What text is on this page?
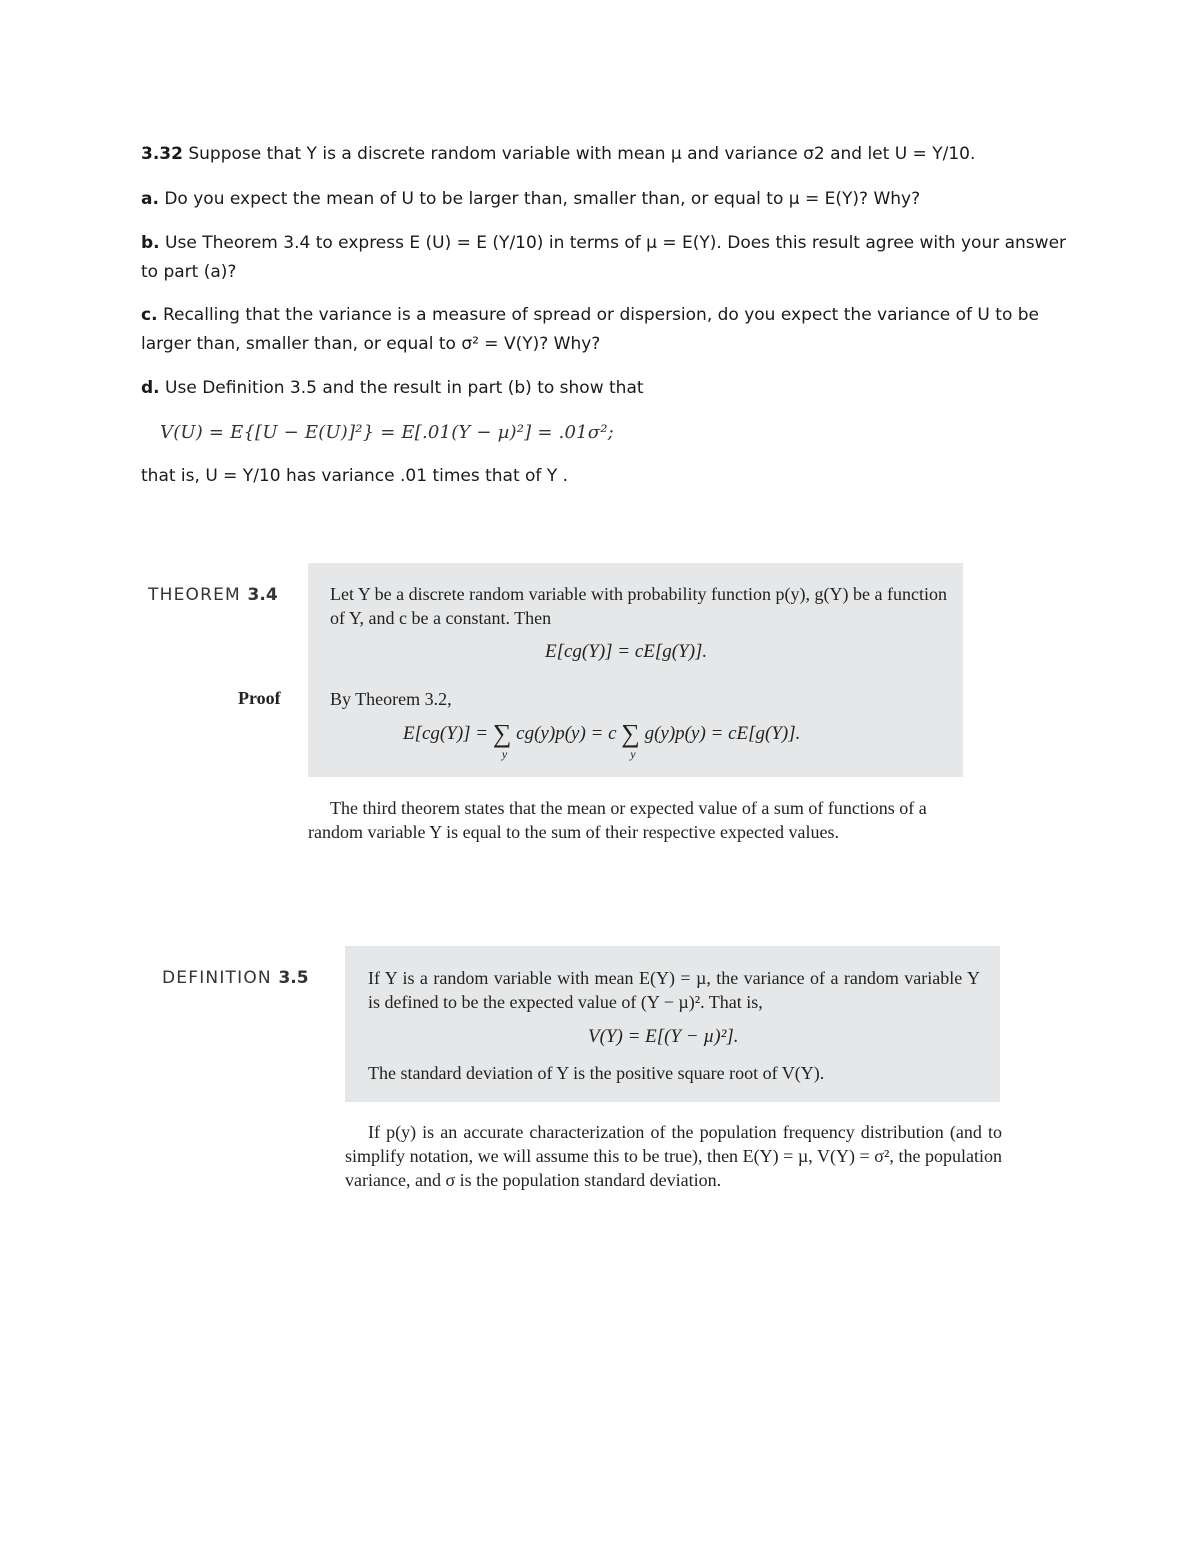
3.32 Suppose that Y is a discrete random variable with mean µ and variance σ2 and let U = Y/10.
a. Do you expect the mean of U to be larger than, smaller than, or equal to µ = E(Y)? Why?
b. Use Theorem 3.4 to express E (U) = E (Y/10) in terms of µ = E(Y). Does this result agree with your answer to part (a)?
c. Recalling that the variance is a measure of spread or dispersion, do you expect the variance of U to be larger than, smaller than, or equal to σ² = V(Y)? Why?
d. Use Definition 3.5 and the result in part (b) to show that
V(U) = E{[U − E(U)]²} = E[.01(Y − µ)²] = .01σ²;
that is, U = Y/10 has variance .01 times that of Y .
THEOREM 3.4	Let Y be a discrete random variable with probability function p(y), g(Y) be a function of Y, and c be a constant. Then
E[cg(Y)] = cE[g(Y)].
By Theorem 3.2,
E[cg(Y)] = ∑
y
cg(y)p(y) = c ∑
y
g(y)p(y) = cE[g(Y)].
Proof
The third theorem states that the mean or expected value of a sum of functions of a random variable Y is equal to the sum of their respective expected values.
DEFINITION 3.5	If Y is a random variable with mean E(Y) = µ, the variance of a random variable Y is defined to be the expected value of (Y − µ)². That is,
V(Y) = E[(Y − µ)²].
The standard deviation of Y is the positive square root of V(Y).
If p(y) is an accurate characterization of the population frequency distribution (and to simplify notation, we will assume this to be true), then E(Y) = µ, V(Y) = σ², the population variance, and σ is the population standard deviation.
